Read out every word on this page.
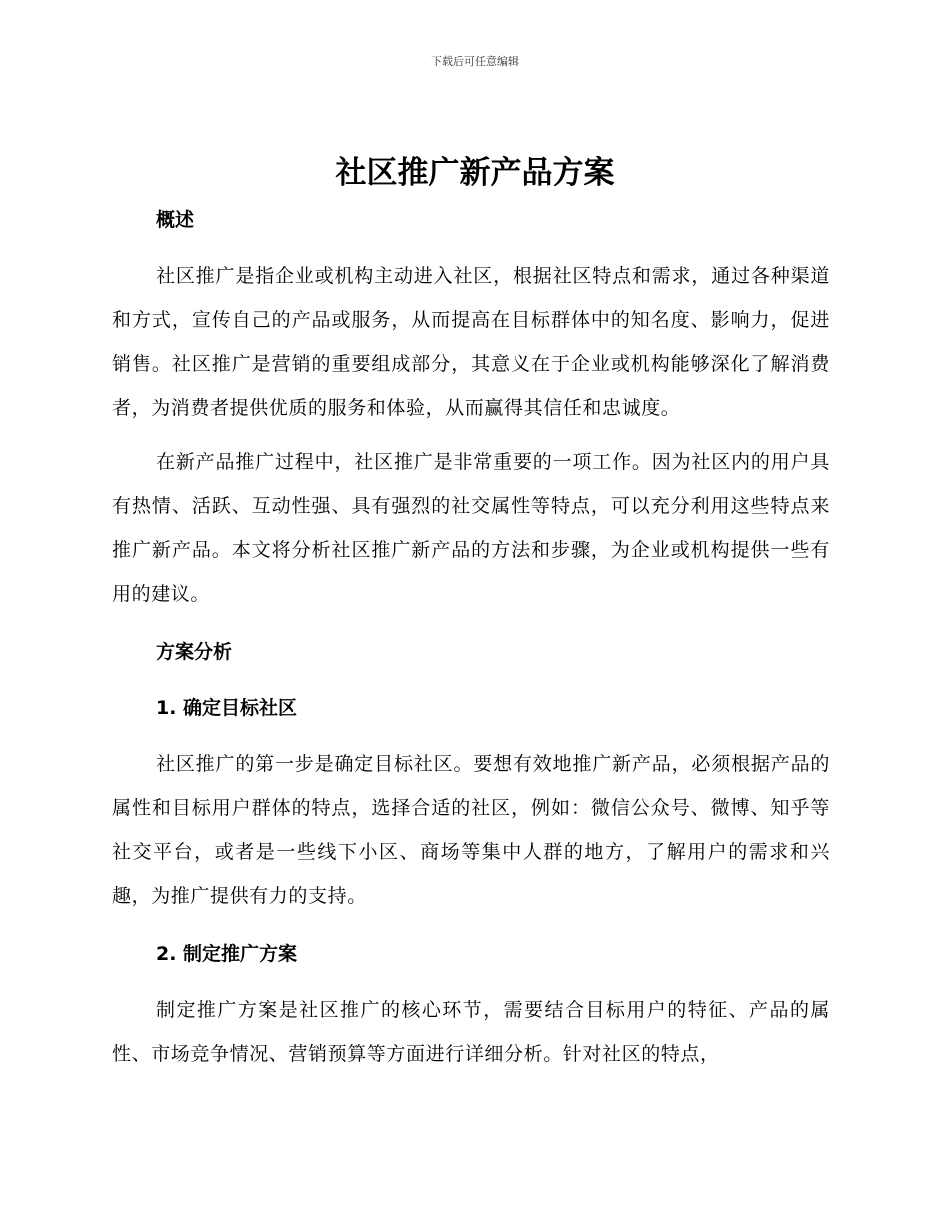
下载后可任意编辑
社区推广新产品方案
概述

社区推广是指企业或机构主动进入社区，根据社区特点和需求，通过各种渠道和方式，宣传自己的产品或服务，从而提高在目标群体中的知名度、影响力，促进销售。社区推广是营销的重要组成部分，其意义在于企业或机构能够深化了解消费者，为消费者提供优质的服务和体验，从而赢得其信任和忠诚度。

在新产品推广过程中，社区推广是非常重要的一项工作。因为社区内的用户具有热情、活跃、互动性强、具有强烈的社交属性等特点，可以充分利用这些特点来推广新产品。本文将分析社区推广新产品的方法和步骤，为企业或机构提供一些有用的建议。

方案分析
1. 确定目标社区

社区推广的第一步是确定目标社区。要想有效地推广新产品，必须根据产品的属性和目标用户群体的特点，选择合适的社区，例如：微信公众号、微博、知乎等社交平台，或者是一些线下小区、商场等集中人群的地方，了解用户的需求和兴趣，为推广提供有力的支持。

2. 制定推广方案

制定推广方案是社区推广的核心环节，需要结合目标用户的特征、产品的属性、市场竞争情况、营销预算等方面进行详细分析。针对社区的特点，
